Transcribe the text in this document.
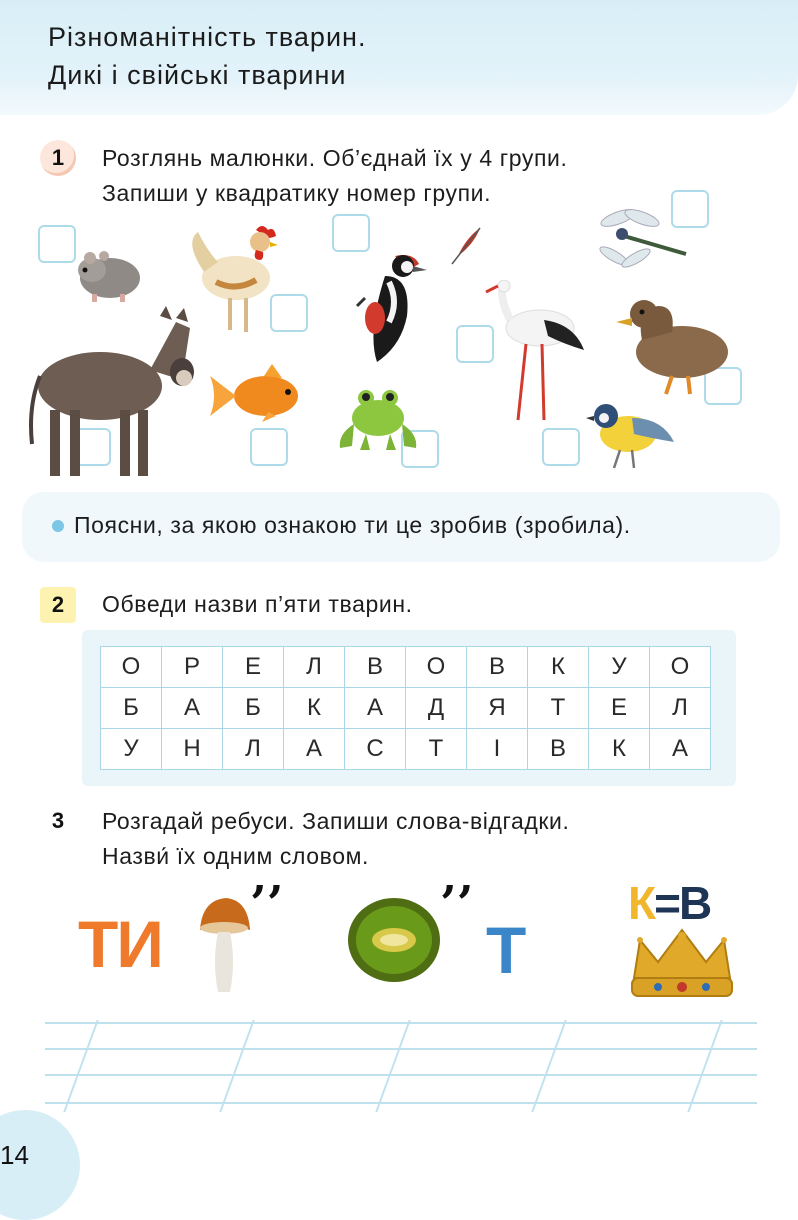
Різноманітність тварин.
Дикі і свійські тварини
1	Розглянь малюнки. Об’єднай їх у 4 групи.
Запиши у квадратику номер групи.
Поясни, за якою ознакою ти це зробив (зробила).
2	Обведи назви п’яти тварин.
О	Р	Е	Л	В	О	В	К	У	О
Б	А	Б	К	А	Д	Я	Т	Е	Л
У	Н	Л	А	С	Т	І	В	К	А
3	Розгадай ребуси. Запиши слова-відгадки.
Назви́ їх одним словом.
ТИ
’’	’’
Т
К=В
14
